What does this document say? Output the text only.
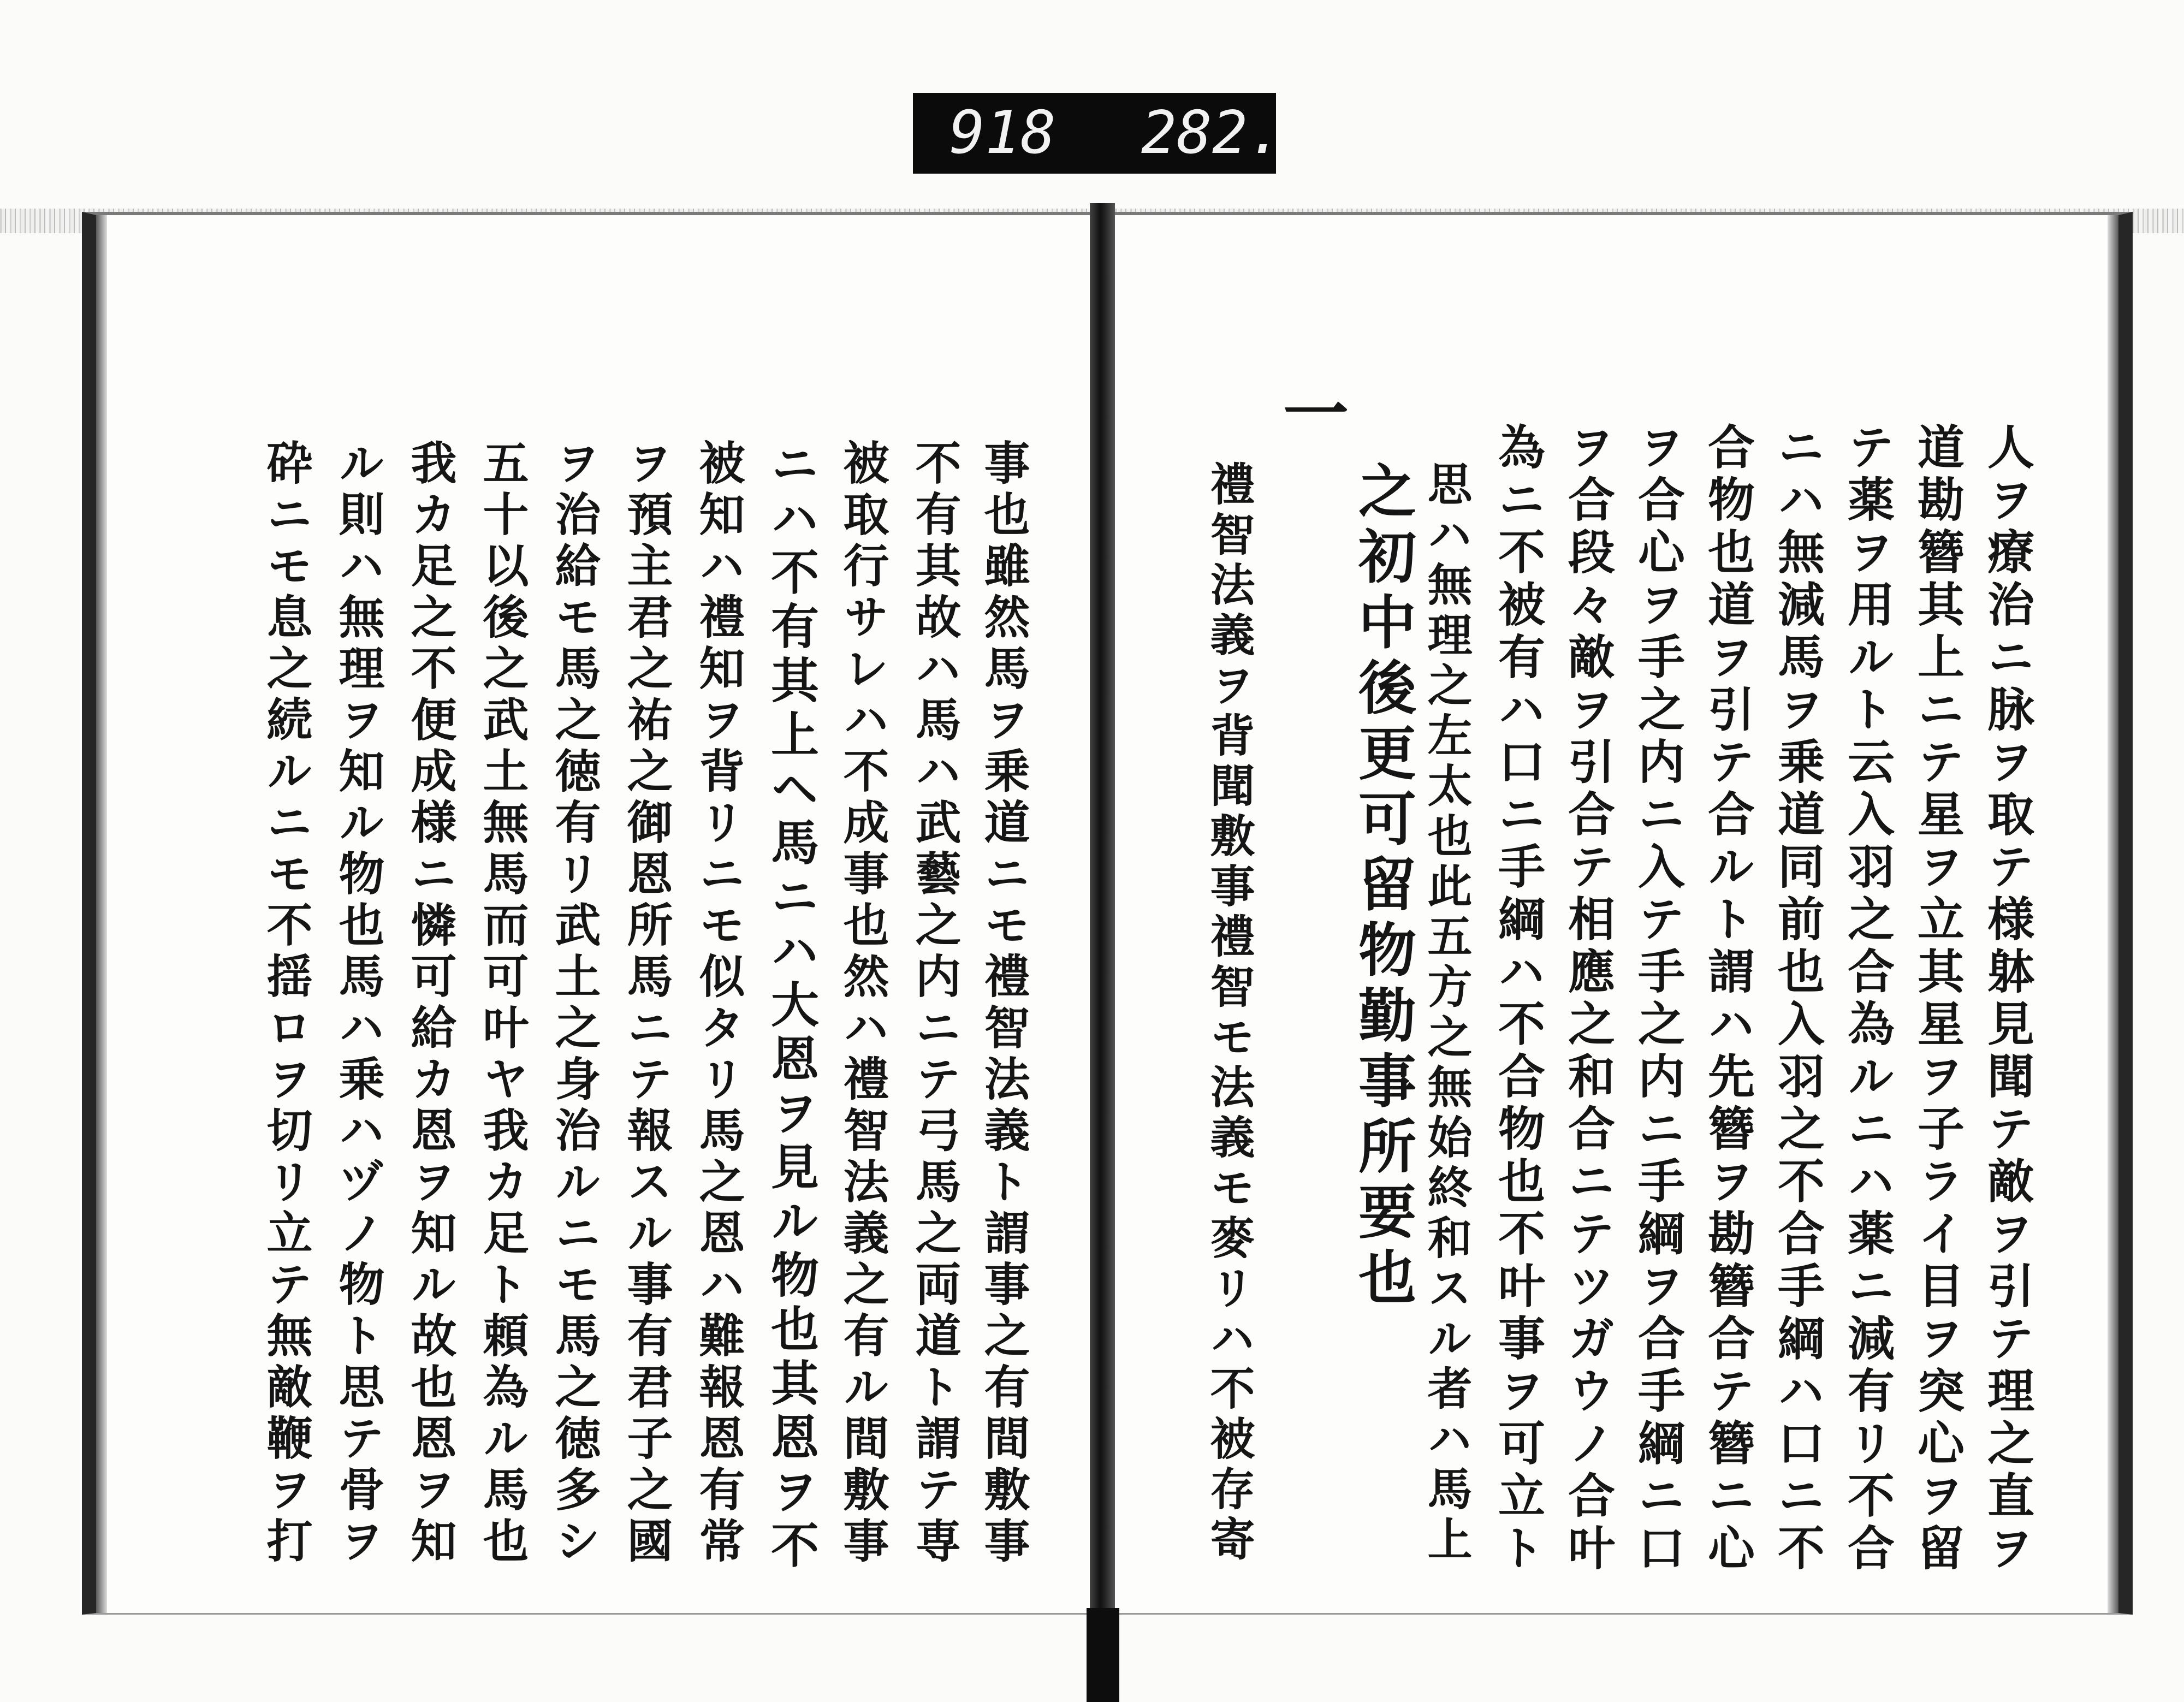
918 282.
事也雖然馬ヲ乗道ニモ禮智法義ト謂事之有間敷事
不有其故ハ馬ハ武藝之内ニテ弓馬之両道ト謂テ専
被取行サレハ不成事也然ハ禮智法義之有ル間敷事
ニハ不有其上ヘ馬ニハ大恩ヲ見ル物也其恩ヲ不
被知ハ禮知ヲ背リニモ似タリ馬之恩ハ難報恩有常
ヲ預主君之祐之御恩所馬ニテ報スル事有君子之國
ヲ治給モ馬之徳有リ武土之身治ルニモ馬之徳多シ
五十以後之武土無馬而可叶ヤ我カ足ト頼為ル馬也
我カ足之不便成様ニ憐可給カ恩ヲ知ル故也恩ヲ知
ル則ハ無理ヲ知ル物也馬ハ乗ハヅノ物ト思テ骨ヲ
砕ニモ息之続ルニモ不揺ロヲ切リ立テ無敵鞭ヲ打	人ヲ療治ニ脉ヲ取テ様躰見聞テ敵ヲ引テ理之直ヲ
道勘簪其上ニテ星ヲ立其星ヲ子ライ目ヲ突心ヲ留
テ薬ヲ用ルト云入羽之合為ルニハ薬ニ減有リ不合
ニハ無減馬ヲ乗道同前也入羽之不合手綱ハ口ニ不
合物也道ヲ引テ合ルト謂ハ先簪ヲ勘簪合テ簪ニ心
ヲ合心ヲ手之内ニ入テ手之内ニ手綱ヲ合手綱ニ口
ヲ合段々敵ヲ引合テ相應之和合ニテツガウノ合叶
為ニ不被有ハ口ニ手綱ハ不合物也不叶事ヲ可立ト
思ハ無理之左太也此五方之無始終和スル者ハ馬上
之初中後更可留物勤事所要也
一
禮智法義ヲ背聞敷事禮智モ法義モ麥リハ不被存寄
